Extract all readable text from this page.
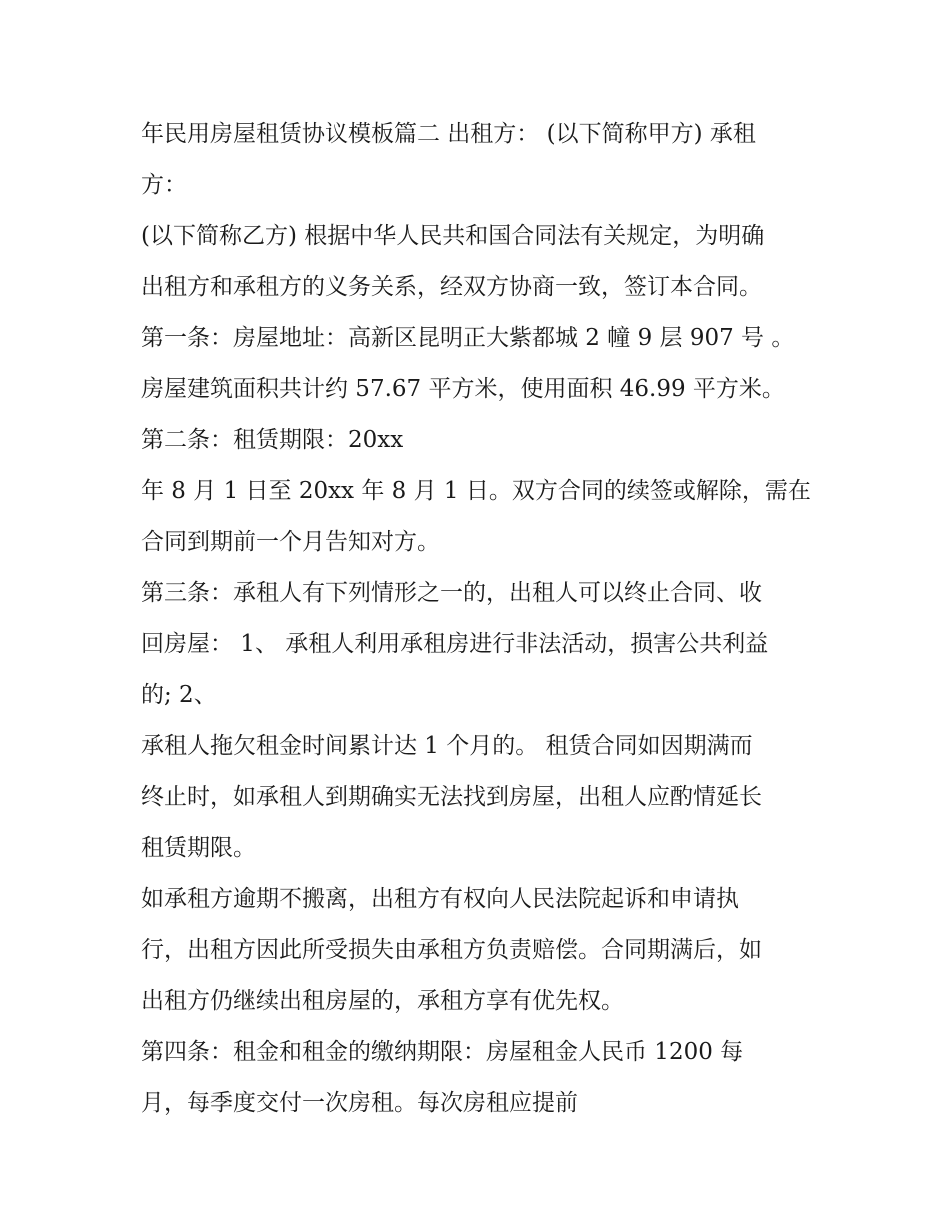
年民用房屋租赁协议模板篇二 出租方： (以下简称甲方) 承租
方：
(以下简称乙方) 根据中华人民共和国合同法有关规定，为明确
出租方和承租方的义务关系，经双方协商一致，签订本合同。
第一条：房屋地址：高新区昆明正大紫都城 2 幢 9 层 907 号 。
房屋建筑面积共计约 57.67 平方米，使用面积 46.99 平方米。
第二条：租赁期限：20xx
年 8 月 1 日至 20xx 年 8 月 1 日。双方合同的续签或解除，需在
合同到期前一个月告知对方。
第三条：承租人有下列情形之一的，出租人可以终止合同、收
回房屋： 1、 承租人利用承租房进行非法活动，损害公共利益
的; 2、
承租人拖欠租金时间累计达 1 个月的。 租赁合同如因期满而
终止时，如承租人到期确实无法找到房屋，出租人应酌情延长
租赁期限。
如承租方逾期不搬离，出租方有权向人民法院起诉和申请执
行，出租方因此所受损失由承租方负责赔偿。合同期满后，如
出租方仍继续出租房屋的，承租方享有优先权。
第四条：租金和租金的缴纳期限：房屋租金人民币 1200 每
月，每季度交付一次房租。每次房租应提前
